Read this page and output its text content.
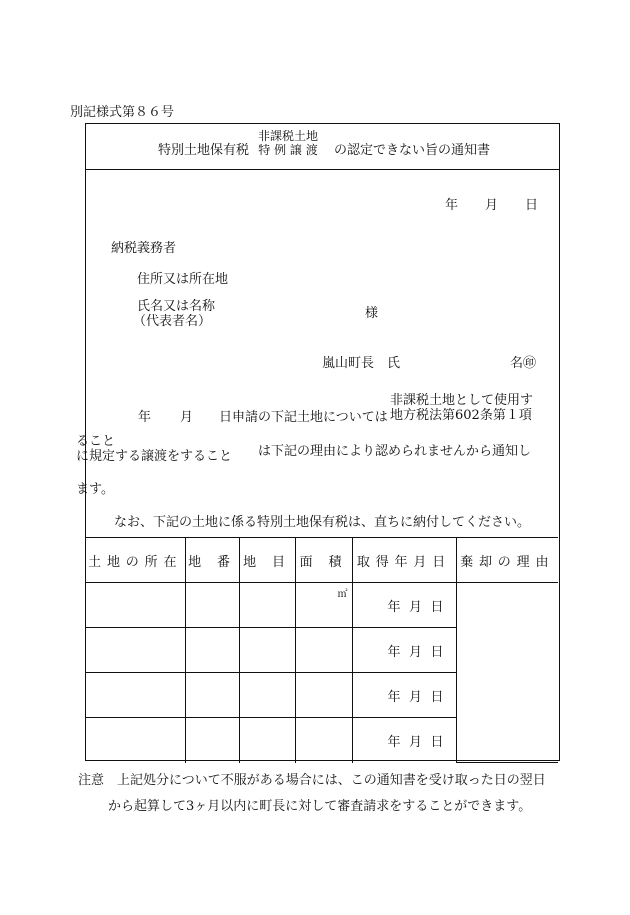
別記様式第８６号
特別土地保有税
非課税土地
特 例 譲 渡 の認定できない旨の通知書
年 月 日
納税義務者
住所又は所在地
氏名又は名称
（代表者名）
様
嵐山町長　氏	名㊞
年 月 日申請の下記土地については
非課税土地として使用す
地方税法第602条第１項
ること
に規定する譲渡をすること は下記の理由により認められませんから通知し
ます。
なお、下記の土地に係る特別土地保有税は、直ちに納付してください。
土地の所在	地 番	地 目	面 積	取得年月日	棄却の理由

			㎡	年 月 日	

				年 月 日	

				年 月 日	

				年 月 日	
注意　上記処分について不服がある場合には、この通知書を受け取った日の翌日
から起算して3ヶ月以内に町長に対して審査請求をすることができます。
